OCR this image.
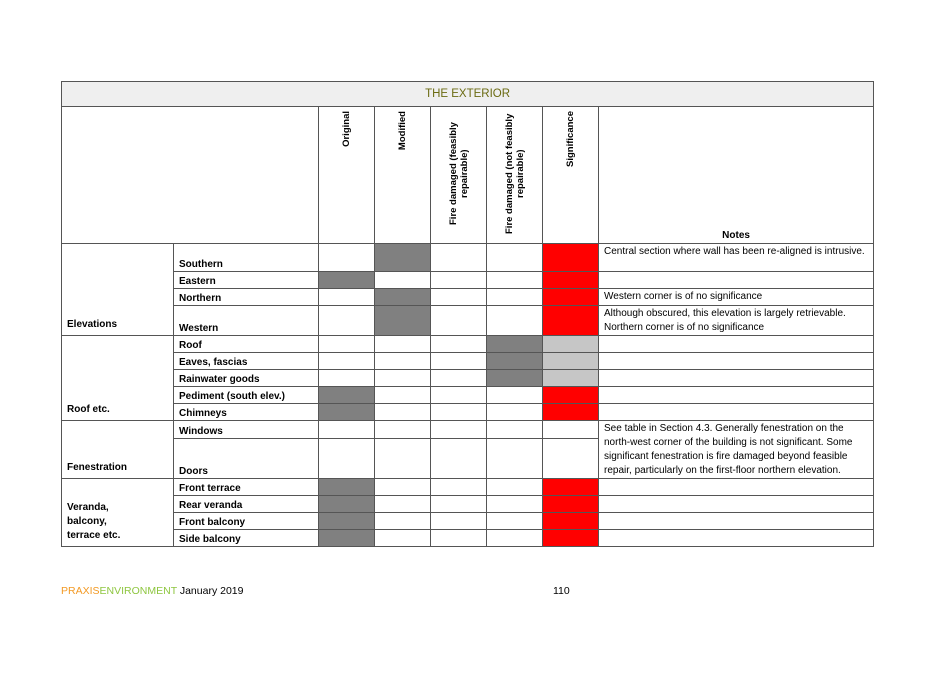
THE EXTERIOR							

		Original	Modified	Fire damaged (feasibly repairable)	Fire damaged (not feasibly repairable)	Significance	Notes
Elevations	Southern						Central section where wall has been re-aligned is intrusive.
	Eastern						
	Northern						Western corner is of no significance
	Western						Although obscured, this elevation is largely retrievable. Northern corner is of no significance
Roof etc.	Roof						
	Eaves, fascias						
	Rainwater goods						
	Pediment (south elev.)						
	Chimneys						
Fenestration	Windows						See table in Section 4.3. Generally fenestration on the north-west corner of the building is not significant. Some significant fenestration is fire damaged beyond feasible repair, particularly on the first-floor northern elevation.
	Doors						
Veranda, balcony, terrace etc.	Front terrace						
	Rear veranda						
	Front balcony						
	Side balcony						
PRAXISENVIRONMENT January 2019	110
